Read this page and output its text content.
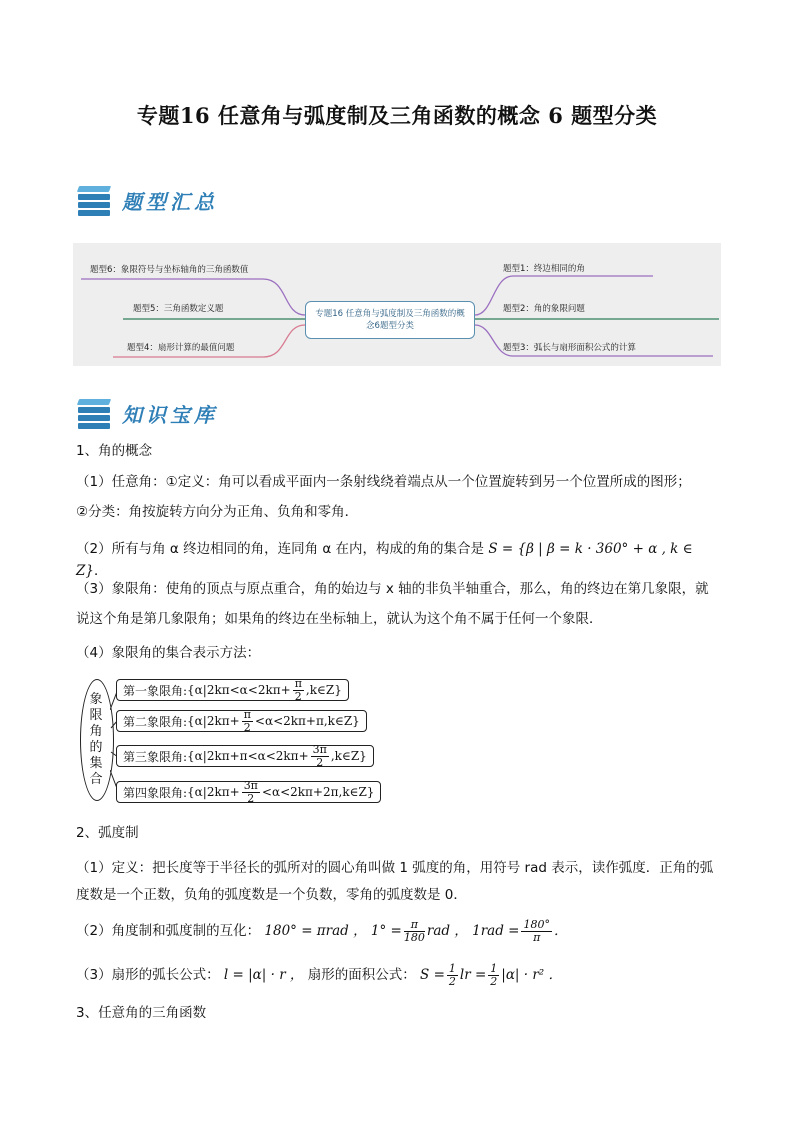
专题16 任意角与弧度制及三角函数的概念 6 题型分类
题型汇总
题型6：象限符号与坐标轴角的三角函数值
题型5：三角函数定义题
题型4：扇形计算的最值问题
题型1：终边相同的角
题型2：角的象限问题
题型3：弧长与扇形面积公式的计算
专题16 任意角与弧度制及三角函数的概念6题型分类
知识宝库
1、角的概念
（1）任意角：①定义：角可以看成平面内一条射线绕着端点从一个位置旋转到另一个位置所成的图形；
②分类：角按旋转方向分为正角、负角和零角．
（2）所有与角 α 终边相同的角，连同角 α 在内，构成的角的集合是 S = {β | β = k · 360° + α , k ∈ Z}．
（3）象限角：使角的顶点与原点重合，角的始边与 x 轴的非负半轴重合，那么，角的终边在第几象限，就
说这个角是第几象限角；如果角的终边在坐标轴上，就认为这个角不属于任何一个象限．
（4）象限角的集合表示方法：
象限角的集合
第一象限角: {$\alpha|2k\pi<\alpha<2k\pi+ \frac{\pi}{2}$ ,k∈Z}
第二象限角: {$\alpha|2k\pi+ \frac{\pi}{2}$ <α<2kπ+π,k∈Z}
第三象限角: {$\alpha|2k\pi+\pi<\alpha<2k\pi+ \frac{3\pi}{2}$ ,k∈Z}
第四象限角: {$\alpha|2k\pi+ \frac{3\pi}{2}$ <α<2kπ+2π,k∈Z}
2、弧度制
（1）定义：把长度等于半径长的弧所对的圆心角叫做 1 弧度的角，用符号 rad 表示，读作弧度．正角的弧
度数是一个正数，负角的弧度数是一个负数，零角的弧度数是 0．
（2）角度制和弧度制的互化： 180° = πrad ， $1^\circ = \frac{\pi}{180}$ rad ， $1rad = \frac{180^\circ}{\pi}$ ．
（3）扇形的弧长公式： l = |α| · r ， 扇形的面积公式： $S = \frac{1}{2}$ lr = $\frac{1}{2} |\alpha| \cdot r^2$ ．
3、任意角的三角函数
